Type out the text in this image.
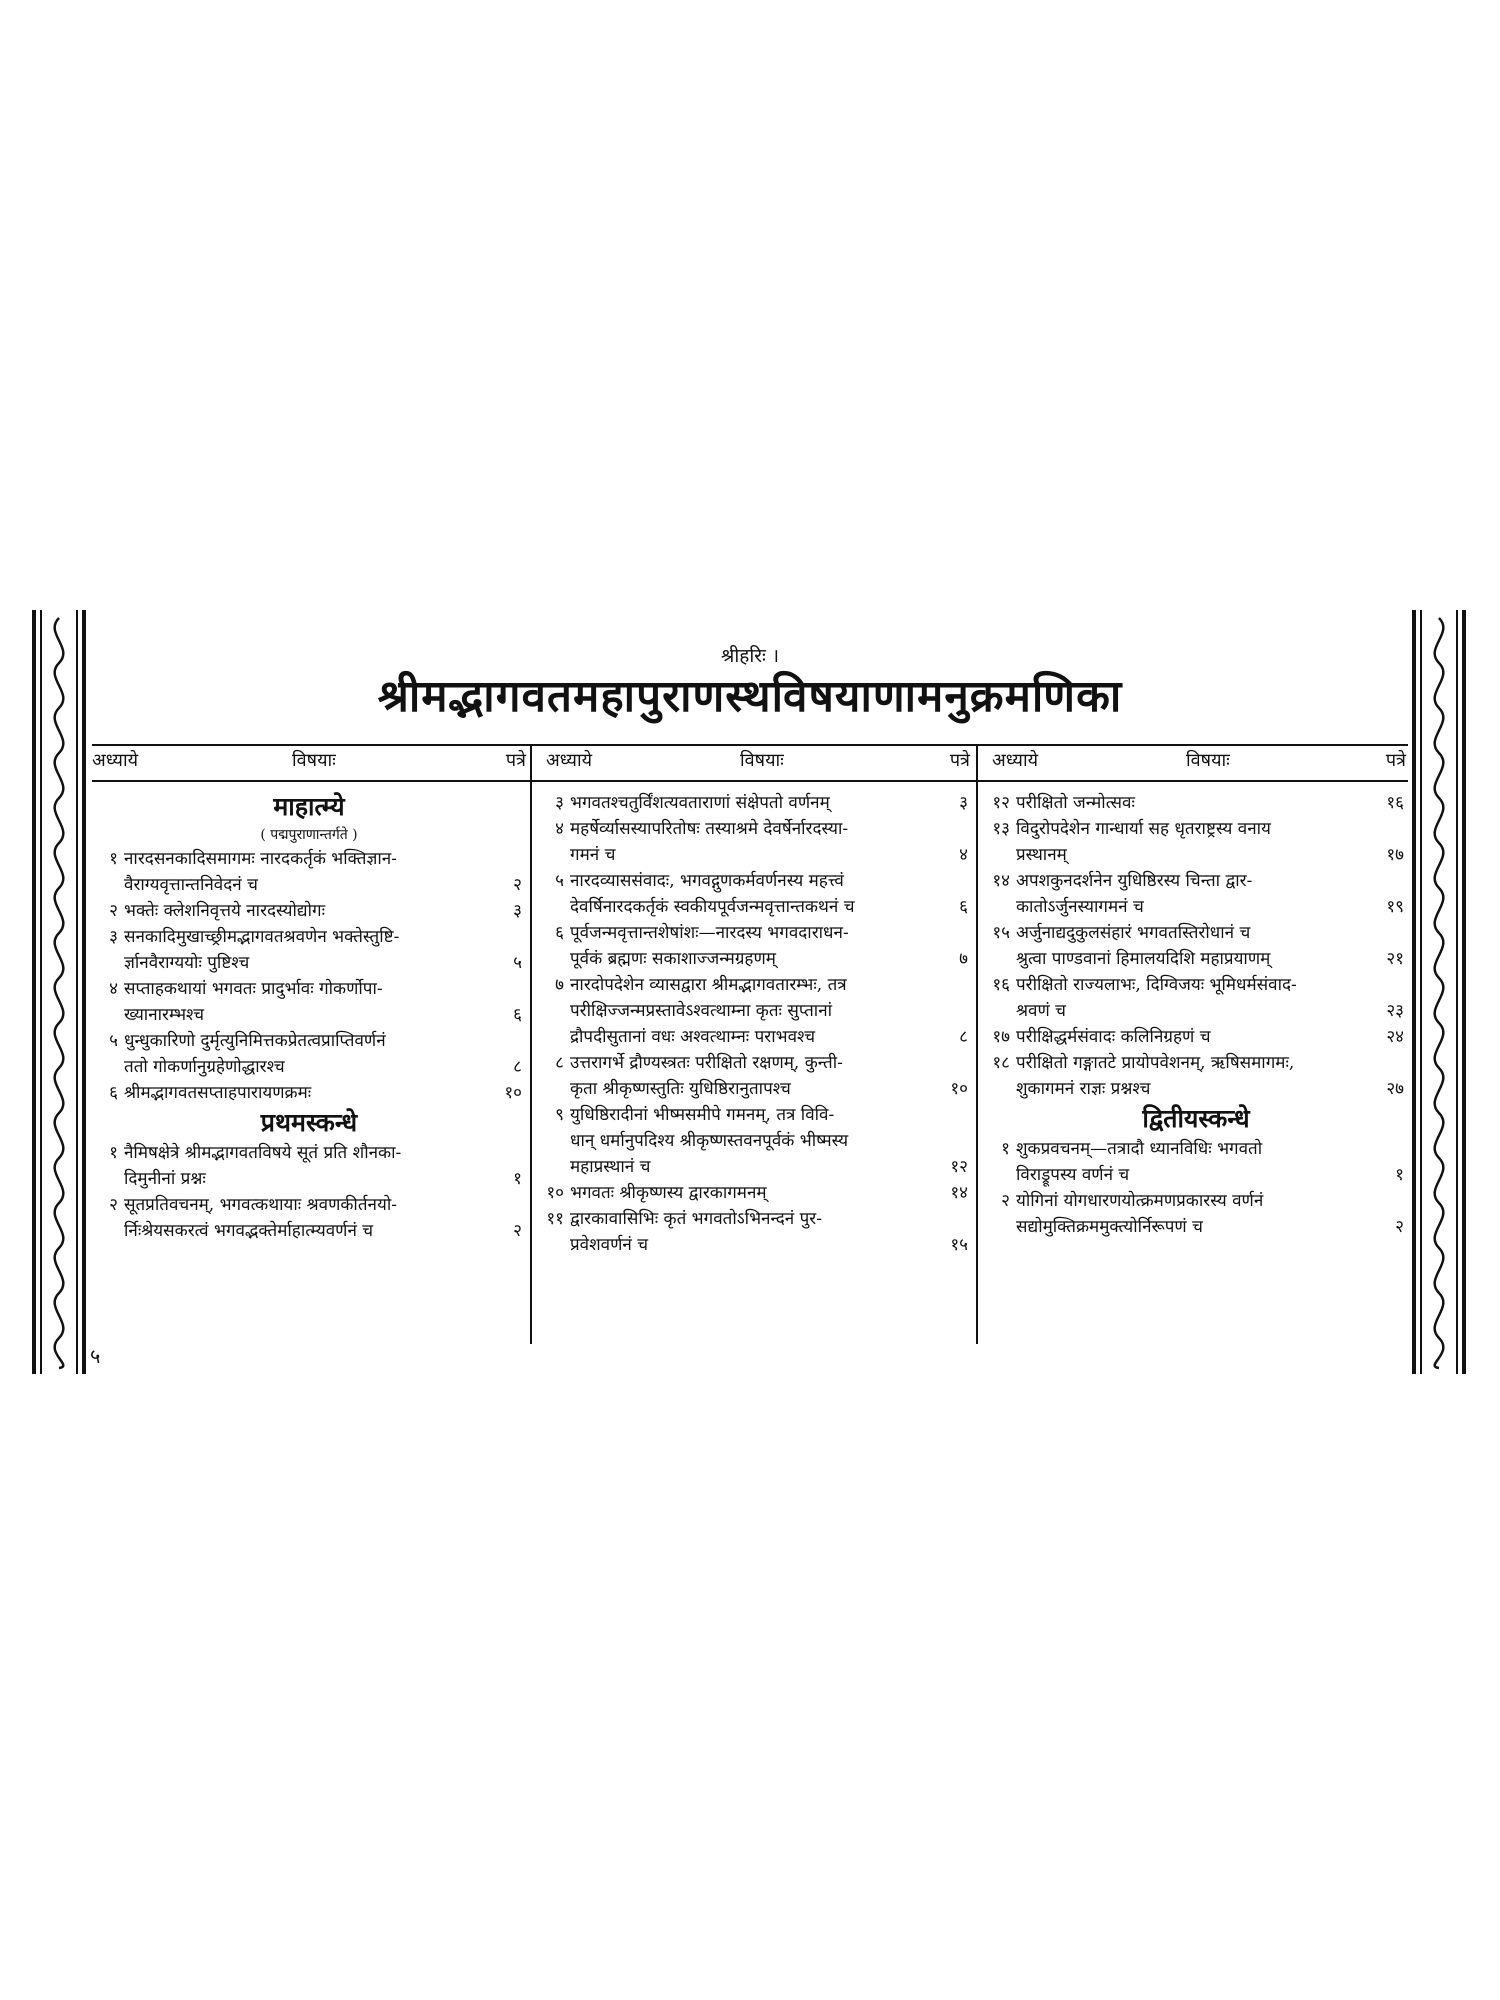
श्रीहरिः ।
श्रीमद्भागवतमहापुराणस्थविषयाणामनुक्रमणिका
अध्याये	विषयाः	पत्रे अध्याये	विषयाः	पत्रे अध्याये	विषयाः	पत्रे
माहात्म्ये
( पद्मपुराणान्तर्गते )
१ नारदसनकादिसमागमः नारदकर्तृकं भक्तिज्ञान-
वैराग्यवृत्तान्तनिवेदनं च	२
२ भक्तेः क्लेशनिवृत्तये नारदस्योद्योगः	३
३ सनकादिमुखाच्छ्रीमद्भागवतश्रवणेन भक्तेस्तुष्टि-
र्ज्ञानवैराग्ययोः पुष्टिश्च	५
४ सप्ताहकथायां भगवतः प्रादुर्भावः गोकर्णोपा-
ख्यानारम्भश्च	६
५ धुन्धुकारिणो दुर्मृत्युनिमित्तकप्रेतत्वप्राप्तिवर्णनं
ततो गोकर्णानुग्रहेणोद्धारश्च	८
६ श्रीमद्भागवतसप्ताहपारायणक्रमः	१०
प्रथमस्कन्धे
१ नैमिषक्षेत्रे श्रीमद्भागवतविषये सूतं प्रति शौनका-
दिमुनीनां प्रश्नः	१
२ सूतप्रतिवचनम्, भगवत्कथायाः श्रवणकीर्तनयो-
र्निःश्रेयसकरत्वं भगवद्भक्तेर्माहात्म्यवर्णनं च	२
३ भगवतश्चतुर्विंशत्यवताराणां संक्षेपतो वर्णनम्	३
४ महर्षेर्व्यासस्यापरितोषः तस्याश्रमे देवर्षेर्नारदस्या-
गमनं च	४
५ नारदव्याससंवादः, भगवद्गुणकर्मवर्णनस्य महत्त्वं
देवर्षिनारदकर्तृकं स्वकीयपूर्वजन्मवृत्तान्तकथनं च	६
६ पूर्वजन्मवृत्तान्तशेषांशः—नारदस्य भगवदाराधन-
पूर्वकं ब्रह्मणः सकाशाज्जन्मग्रहणम्	७
७ नारदोपदेशेन व्यासद्वारा श्रीमद्भागवतारम्भः, तत्र
परीक्षिज्जन्मप्रस्तावेऽश्वत्थाम्ना कृतः सुप्तानां
द्रौपदीसुतानां वधः अश्वत्थाम्नः पराभवश्च	८
८ उत्तरागर्भे द्रौण्यस्त्रतः परीक्षितो रक्षणम्, कुन्ती-
कृता श्रीकृष्णस्तुतिः युधिष्ठिरानुतापश्च	१०
९ युधिष्ठिरादीनां भीष्मसमीपे गमनम्, तत्र विवि-
धान् धर्मानुपदिश्य श्रीकृष्णस्तवनपूर्वकं भीष्मस्य
महाप्रस्थानं च	१२
१० भगवतः श्रीकृष्णस्य द्वारकागमनम्	१४
११ द्वारकावासिभिः कृतं भगवतोऽभिनन्दनं पुर-
प्रवेशवर्णनं च	१५
१२ परीक्षितो जन्मोत्सवः	१६
१३ विदुरोपदेशेन गान्धार्या सह धृतराष्ट्रस्य वनाय
प्रस्थानम्	१७
१४ अपशकुनदर्शनेन युधिष्ठिरस्य चिन्ता द्वार-
कातोऽर्जुनस्यागमनं च	१९
१५ अर्जुनाद्यदुकुलसंहारं भगवतस्तिरोधानं च
श्रुत्वा पाण्डवानां हिमालयदिशि महाप्रयाणम्	२१
१६ परीक्षितो राज्यलाभः, दिग्विजयः भूमिधर्मसंवाद-
श्रवणं च	२३
१७ परीक्षिद्धर्मसंवादः कलिनिग्रहणं च	२४
१८ परीक्षितो गङ्गातटे प्रायोपवेशनम्, ऋषिसमागमः,
शुकागमनं राज्ञः प्रश्नश्च	२७
द्वितीयस्कन्धे
१ शुकप्रवचनम्—तत्रादौ ध्यानविधिः भगवतो
विराड्रूपस्य वर्णनं च	१
२ योगिनां योगधारणयोत्क्रमणप्रकारस्य वर्णनं
सद्योमुक्तिक्रममुक्त्योर्निरूपणं च	२
५
